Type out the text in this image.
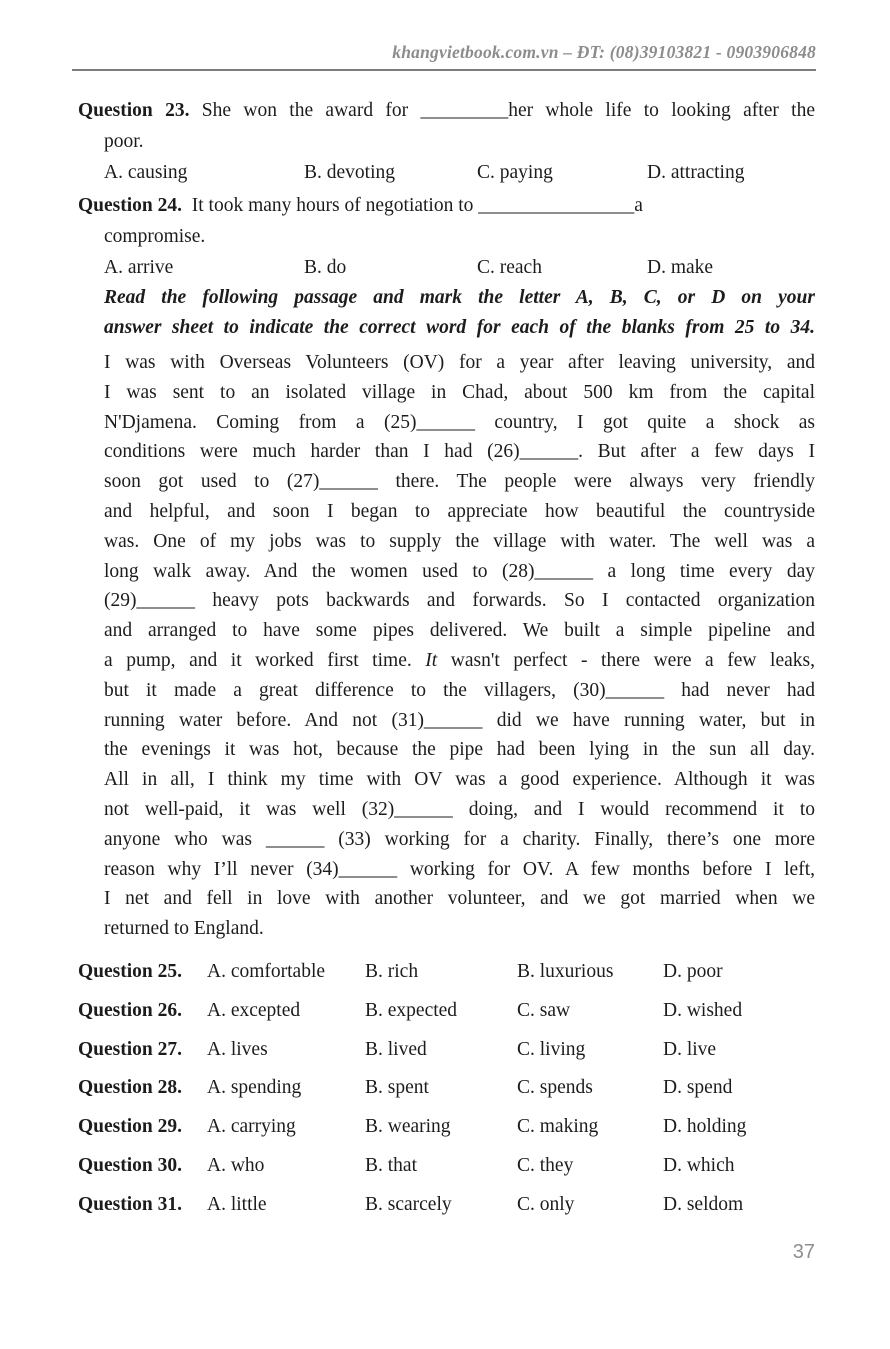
khangvietbook.com.vn – ĐT: (08)39103821 - 0903906848
Question 23. She won the award for _________her whole life to looking after the
poor.
A. causing	B. devoting	C. paying	D. attracting
Question 24. It took many hours of negotiation to ________________a
compromise.
A. arrive	B. do	C. reach	D. make
Read the following passage and mark the letter A, B, C, or D on your
answer sheet to indicate the correct word for each of the blanks from 25 to 34.
I was with Overseas Volunteers (OV) for a year after leaving university, and
I was sent to an isolated village in Chad, about 500 km from the capital
N'Djamena. Coming from a (25)______ country, I got quite a shock as
conditions were much harder than I had (26)______. But after a few days I
soon got used to (27)______ there. The people were always very friendly
and helpful, and soon I began to appreciate how beautiful the countryside
was. One of my jobs was to supply the village with water. The well was a
long walk away. And the women used to (28)______ a long time every day
(29)______ heavy pots backwards and forwards. So I contacted organization
and arranged to have some pipes delivered. We built a simple pipeline and
a pump, and it worked first time. It wasn't perfect - there were a few leaks,
but it made a great difference to the villagers, (30)______ had never had
running water before. And not (31)______ did we have running water, but in
the evenings it was hot, because the pipe had been lying in the sun all day.
All in all, I think my time with OV was a good experience. Although it was
not well-paid, it was well (32)______ doing, and I would recommend it to
anyone who was ______ (33) working for a charity. Finally, there’s one more
reason why I’ll never (34)______ working for OV. A few months before I left,
I net and fell in love with another volunteer, and we got married when we
returned to England.
Question 25.	A. comfortable	B. rich	B. luxurious	D. poor
Question 26.	A. excepted	B. expected	C. saw	D. wished
Question 27.	A. lives	B. lived	C. living	D. live
Question 28.	A. spending	B. spent	C. spends	D. spend
Question 29.	A. carrying	B. wearing	C. making	D. holding
Question 30.	A. who	B. that	C. they	D. which
Question 31.	A. little	B. scarcely	C. only	D. seldom
37
